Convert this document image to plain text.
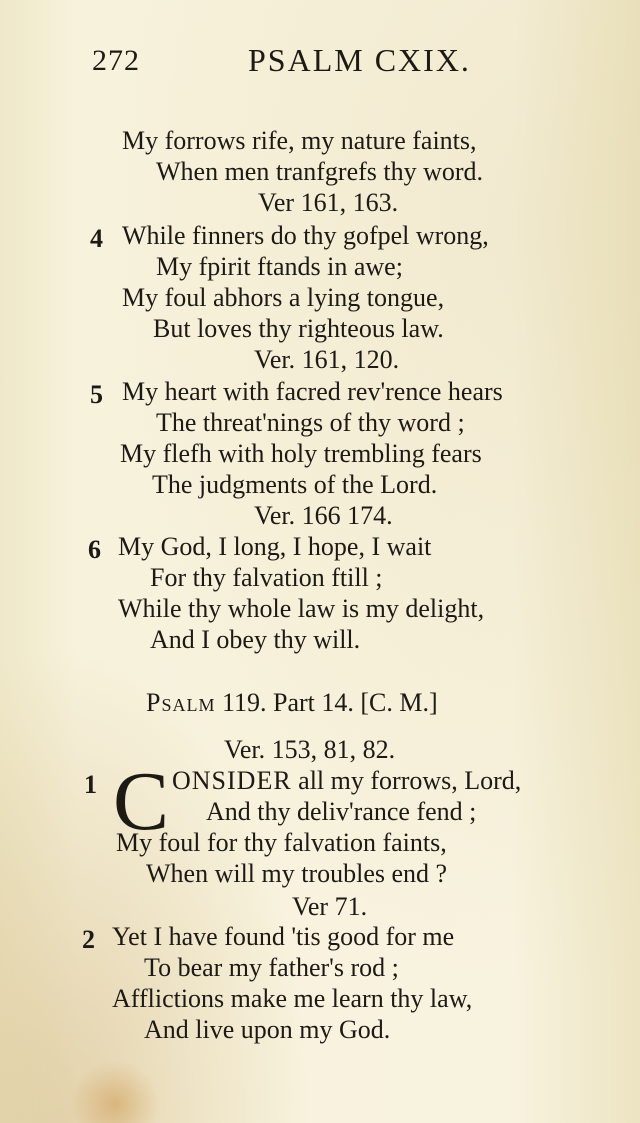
272	PSALM CXIX.
My forrows rife, my nature faints,
When men tranfgrefs thy word.
Ver 161, 163.
4 While finners do thy gofpel wrong,
My fpirit ftands in awe;
My foul abhors a lying tongue,
But loves thy righteous law.
Ver. 161, 120.
5 My heart with facred rev'rence hears
The threat'nings of thy word ;
My flefh with holy trembling fears
The judgments of the Lord.
Ver. 166 174.
6 My God, I long, I hope, I wait
For thy falvation ftill ;
While thy whole law is my delight,
And I obey thy will.
Psalm 119. Part 14. [C. M.]
Ver. 153, 81, 82.
1 C ONSIDER all my forrows, Lord,
And thy deliv'rance fend ;
My foul for thy falvation faints,
When will my troubles end ?
Ver 71.
2 Yet I have found 'tis good for me
To bear my father's rod ;
Afflictions make me learn thy law,
And live upon my God.
